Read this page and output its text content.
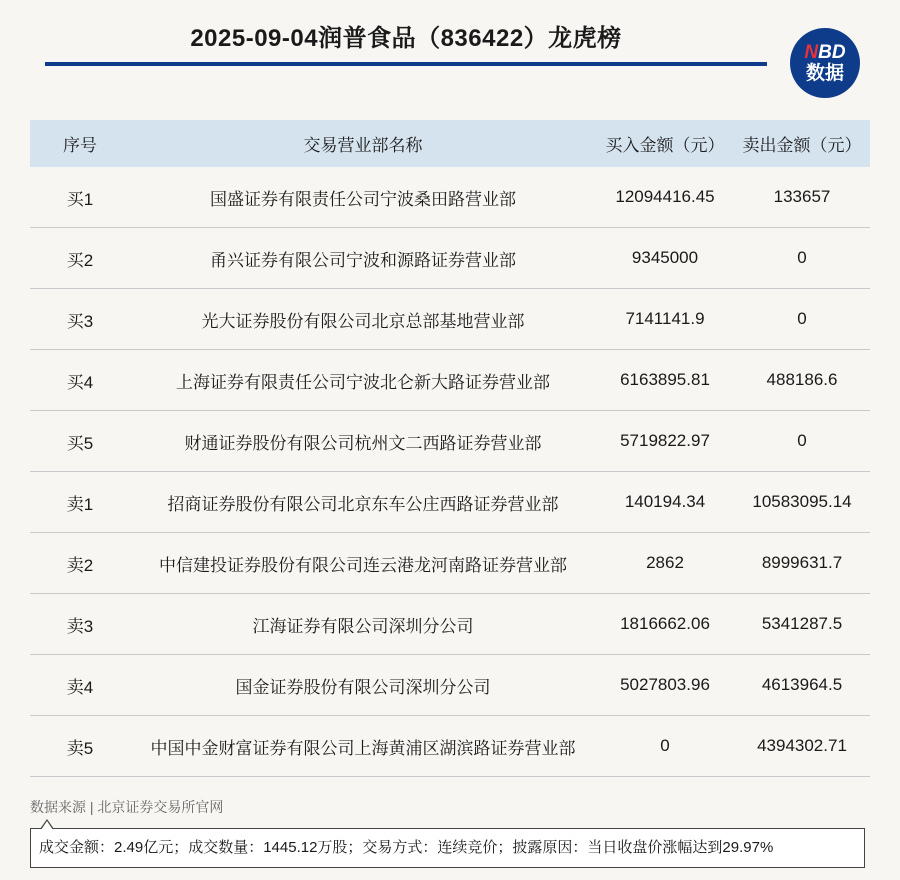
2025-09-04润普食品（836422）龙虎榜
NBD
数据
序号	交易营业部名称	买入金额（元）	卖出金额（元）
买1	国盛证券有限责任公司宁波桑田路营业部	12094416.45	133657
买2	甬兴证券有限公司宁波和源路证券营业部	9345000	0
买3	光大证券股份有限公司北京总部基地营业部	7141141.9	0
买4	上海证券有限责任公司宁波北仑新大路证券营业部	6163895.81	488186.6
买5	财通证券股份有限公司杭州文二西路证券营业部	5719822.97	0
卖1	招商证券股份有限公司北京东车公庄西路证券营业部	140194.34	10583095.14
卖2	中信建投证券股份有限公司连云港龙河南路证券营业部	2862	8999631.7
卖3	江海证券有限公司深圳分公司	1816662.06	5341287.5
卖4	国金证券股份有限公司深圳分公司	5027803.96	4613964.5
卖5	中国中金财富证券有限公司上海黄浦区湖滨路证券营业部	0	4394302.71
数据来源 | 北京证券交易所官网
成交金额：2.49亿元；成交数量：1445.12万股；交易方式：连续竞价；披露原因：当日收盘价涨幅达到29.97%
